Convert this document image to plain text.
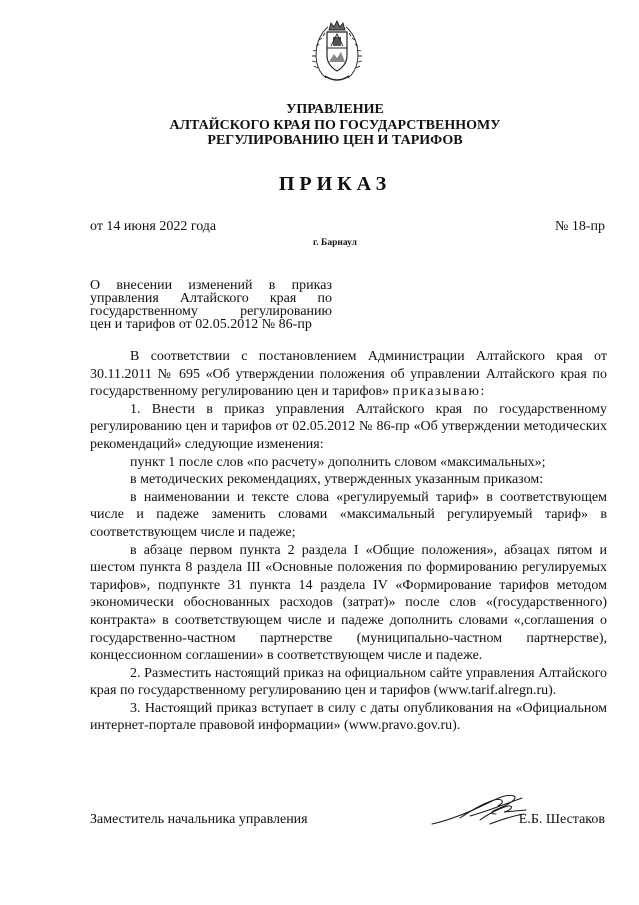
УПРАВЛЕНИЕ
АЛТАЙСКОГО КРАЯ ПО ГОСУДАРСТВЕННОМУ
РЕГУЛИРОВАНИЮ ЦЕН И ТАРИФОВ
ПРИКАЗ
от 14 июня 2022 года	№ 18-пр
г. Барнаул
О внесении изменений в приказ
управления Алтайского края по
государственному регулированию
цен и тарифов от 02.05.2012 № 86-пр

В соответствии с постановлением Администрации Алтайского края от 30.11.2011 № 695 «Об утверждении положения об управлении Алтайского края по государственному регулированию цен и тарифов» приказываю:

1. Внести в приказ управления Алтайского края по государственному регулированию цен и тарифов от 02.05.2012 № 86-пр «Об утверждении методических рекомендаций» следующие изменения:

пункт 1 после слов «по расчету» дополнить словом «максимальных»;

в методических рекомендациях, утвержденных указанным приказом:

в наименовании и тексте слова «регулируемый тариф» в соответствующем числе и падеже заменить словами «максимальный регулируемый тариф» в соответствующем числе и падеже;

в абзаце первом пункта 2 раздела I «Общие положения», абзацах пятом и шестом пункта 8 раздела III «Основные положения по формированию регулируемых тарифов», подпункте 31 пункта 14 раздела IV «Формирование тарифов методом экономически обоснованных расходов (затрат)» после слов «(государственного) контракта» в соответствующем числе и падеже дополнить словами «,соглашения о государственно-частном партнерстве (муниципально-частном партнерстве), концессионном соглашении» в соответствующем числе и падеже.

2. Разместить настоящий приказ на официальном сайте управления Алтайского края по государственному регулированию цен и тарифов (www.tarif.alregn.ru).

3. Настоящий приказ вступает в силу с даты опубликования на «Официальном интернет-портале правовой информации» (www.pravo.gov.ru).

Заместитель начальника управления	Е.Б. Шестаков
